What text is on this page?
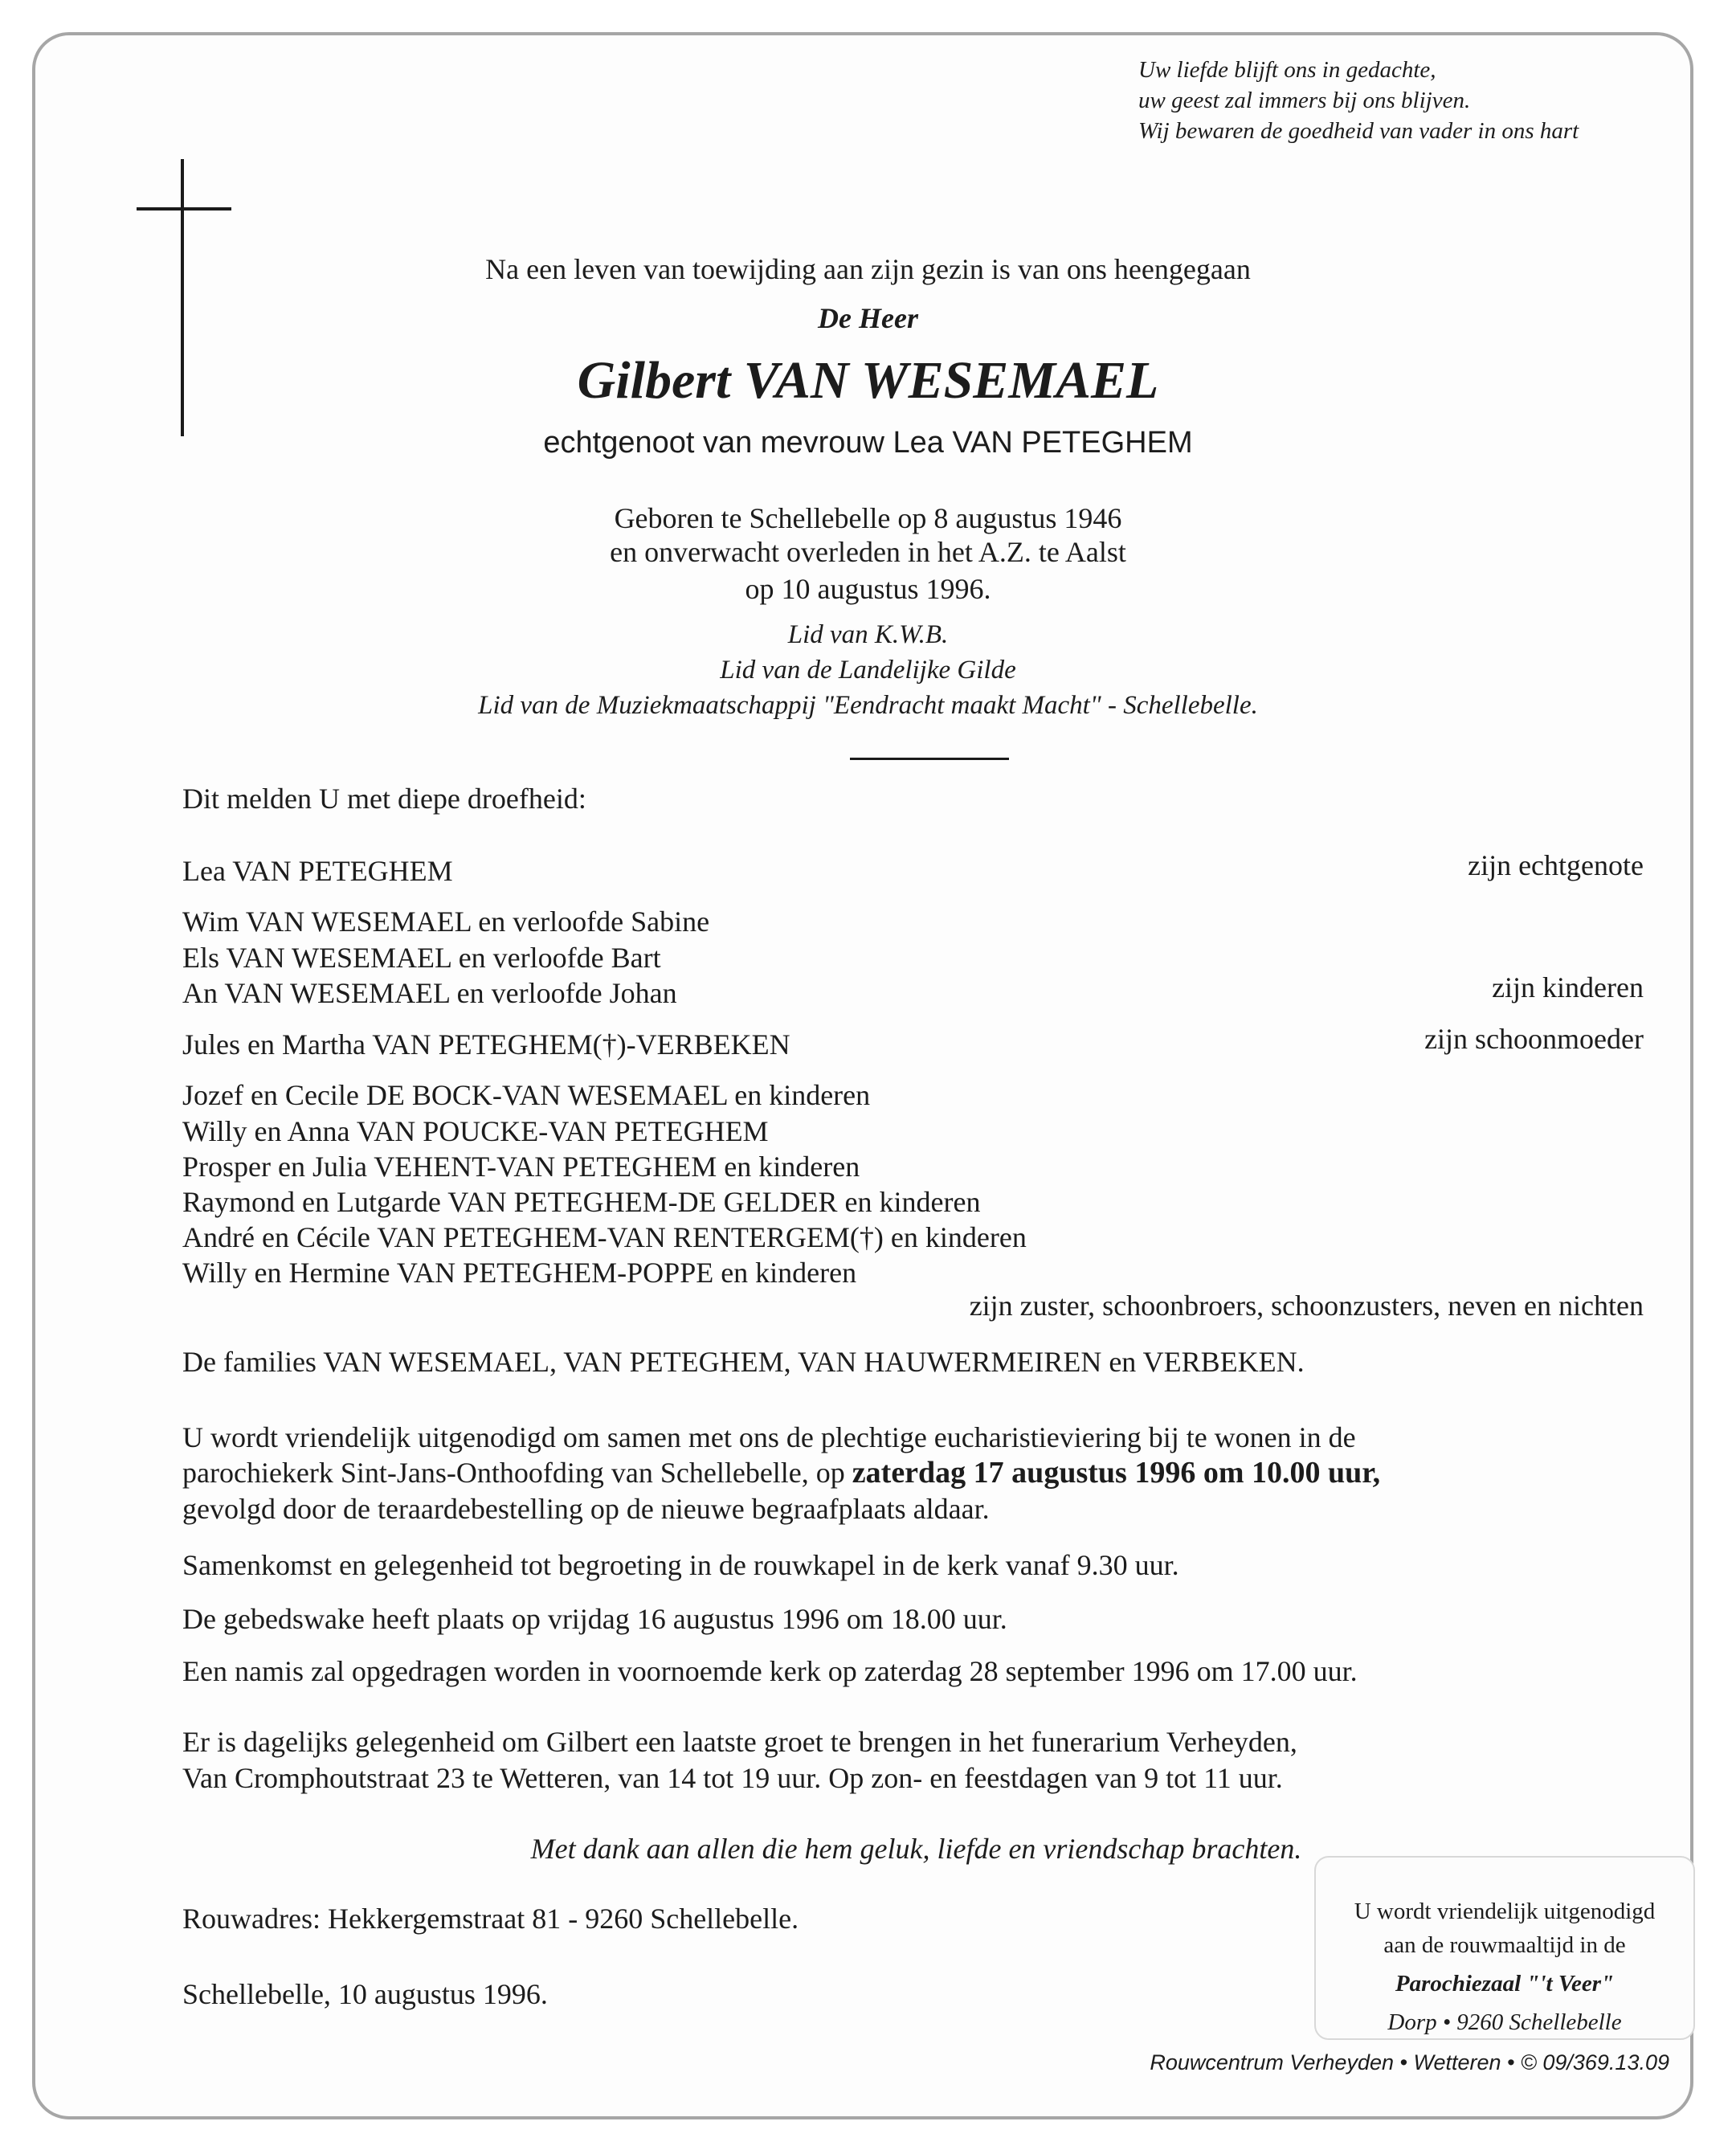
Uw liefde blijft ons in gedachte,
uw geest zal immers bij ons blijven.
Wij bewaren de goedheid van vader in ons hart
Na een leven van toewijding aan zijn gezin is van ons heengegaan
De Heer
Gilbert VAN WESEMAEL
echtgenoot van mevrouw Lea VAN PETEGHEM
Geboren te Schellebelle op 8 augustus 1946
en onverwacht overleden in het A.Z. te Aalst
op 10 augustus 1996.
Lid van K.W.B.
Lid van de Landelijke Gilde
Lid van de Muziekmaatschappij "Eendracht maakt Macht" - Schellebelle.
Dit melden U met diepe droefheid:
Lea VAN PETEGHEM	zijn echtgenote
Wim VAN WESEMAEL en verloofde Sabine
Els VAN WESEMAEL en verloofde Bart
An VAN WESEMAEL en verloofde Johan	zijn kinderen
Jules en Martha VAN PETEGHEM(†)-VERBEKEN	zijn schoonmoeder
Jozef en Cecile DE BOCK-VAN WESEMAEL en kinderen
Willy en Anna VAN POUCKE-VAN PETEGHEM
Prosper en Julia VEHENT-VAN PETEGHEM en kinderen
Raymond en Lutgarde VAN PETEGHEM-DE GELDER en kinderen
André en Cécile VAN PETEGHEM-VAN RENTERGEM(†) en kinderen
Willy en Hermine VAN PETEGHEM-POPPE en kinderen
zijn zuster, schoonbroers, schoonzusters, neven en nichten
De families VAN WESEMAEL, VAN PETEGHEM, VAN HAUWERMEIREN en VERBEKEN.
U wordt vriendelijk uitgenodigd om samen met ons de plechtige eucharistieviering bij te wonen in de
parochiekerk Sint-Jans-Onthoofding van Schellebelle, op zaterdag 17 augustus 1996 om 10.00 uur,
gevolgd door de teraardebestelling op de nieuwe begraafplaats aldaar.
Samenkomst en gelegenheid tot begroeting in de rouwkapel in de kerk vanaf 9.30 uur.
De gebedswake heeft plaats op vrijdag 16 augustus 1996 om 18.00 uur.
Een namis zal opgedragen worden in voornoemde kerk op zaterdag 28 september 1996 om 17.00 uur.
Er is dagelijks gelegenheid om Gilbert een laatste groet te brengen in het funerarium Verheyden,
Van Cromphoutstraat 23 te Wetteren, van 14 tot 19 uur. Op zon- en feestdagen van 9 tot 11 uur.
Met dank aan allen die hem geluk, liefde en vriendschap brachten.
Rouwadres: Hekkergemstraat 81 - 9260 Schellebelle.
Schellebelle, 10 augustus 1996.
U wordt vriendelijk uitgenodigd
aan de rouwmaaltijd in de
Parochiezaal "'t Veer"
Dorp • 9260 Schellebelle
Rouwcentrum Verheyden • Wetteren • © 09/369.13.09
